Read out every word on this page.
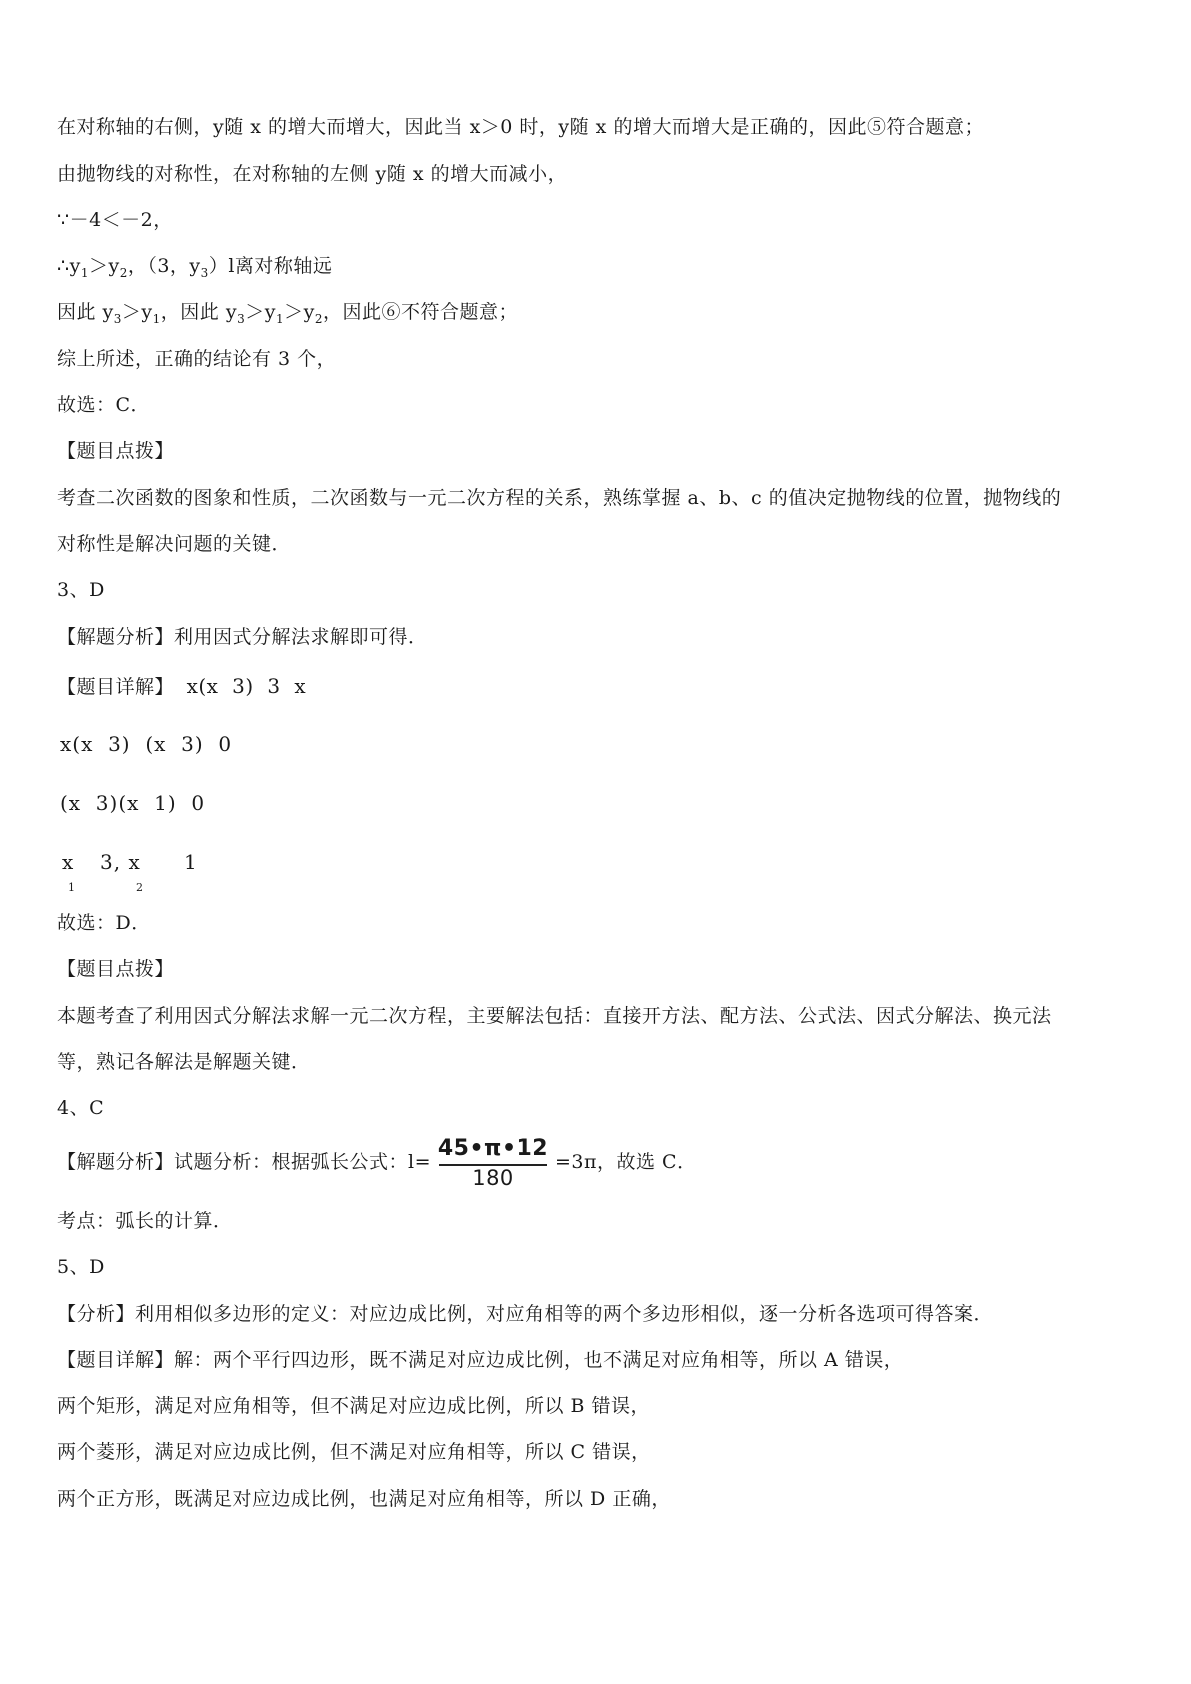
在对称轴的右侧，y随 x 的增大而增大，因此当 x＞0 时，y随 x 的增大而增大是正确的，因此⑤符合题意；
由抛物线的对称性，在对称轴的左侧 y随 x 的增大而减小，
∵－4＜－2，
$\therefore y_1>y_2$，（3，$y_3)l$离对称轴远
因此 $y_3>y_1$，因此 $y_3>y_1>y_2$，因此⑥不符合题意；
综上所述，正确的结论有 3 个，
故选：C．
【题目点拨】
考查二次函数的图象和性质，二次函数与一元二次方程的关系，熟练掌握 a、b、c 的值决定抛物线的位置，抛物线的
对称性是解决问题的关键．
3、D
【解题分析】利用因式分解法求解即可得．
【题目详解】 x(x  3)  3  x
x(x  3)  (x  3)  0
(x  3)(x  1)  0
x
1
3, x
2
1
故选：D．
【题目点拨】
本题考查了利用因式分解法求解一元二次方程，主要解法包括：直接开方法、配方法、公式法、因式分解法、换元法
等，熟记各解法是解题关键．
4、C
【解题分析】试题分析：根据弧长公式：$l= \frac{45•\pi•12}{180} =3\pi$，故选 C．
考点：弧长的计算．
5、D
【分析】利用相似多边形的定义：对应边成比例，对应角相等的两个多边形相似，逐一分析各选项可得答案．
【题目详解】解：两个平行四边形，既不满足对应边成比例，也不满足对应角相等，所以 A 错误，
两个矩形，满足对应角相等，但不满足对应边成比例，所以 B 错误，
两个菱形，满足对应边成比例，但不满足对应角相等，所以 C 错误，
两个正方形，既满足对应边成比例，也满足对应角相等，所以 D 正确，
